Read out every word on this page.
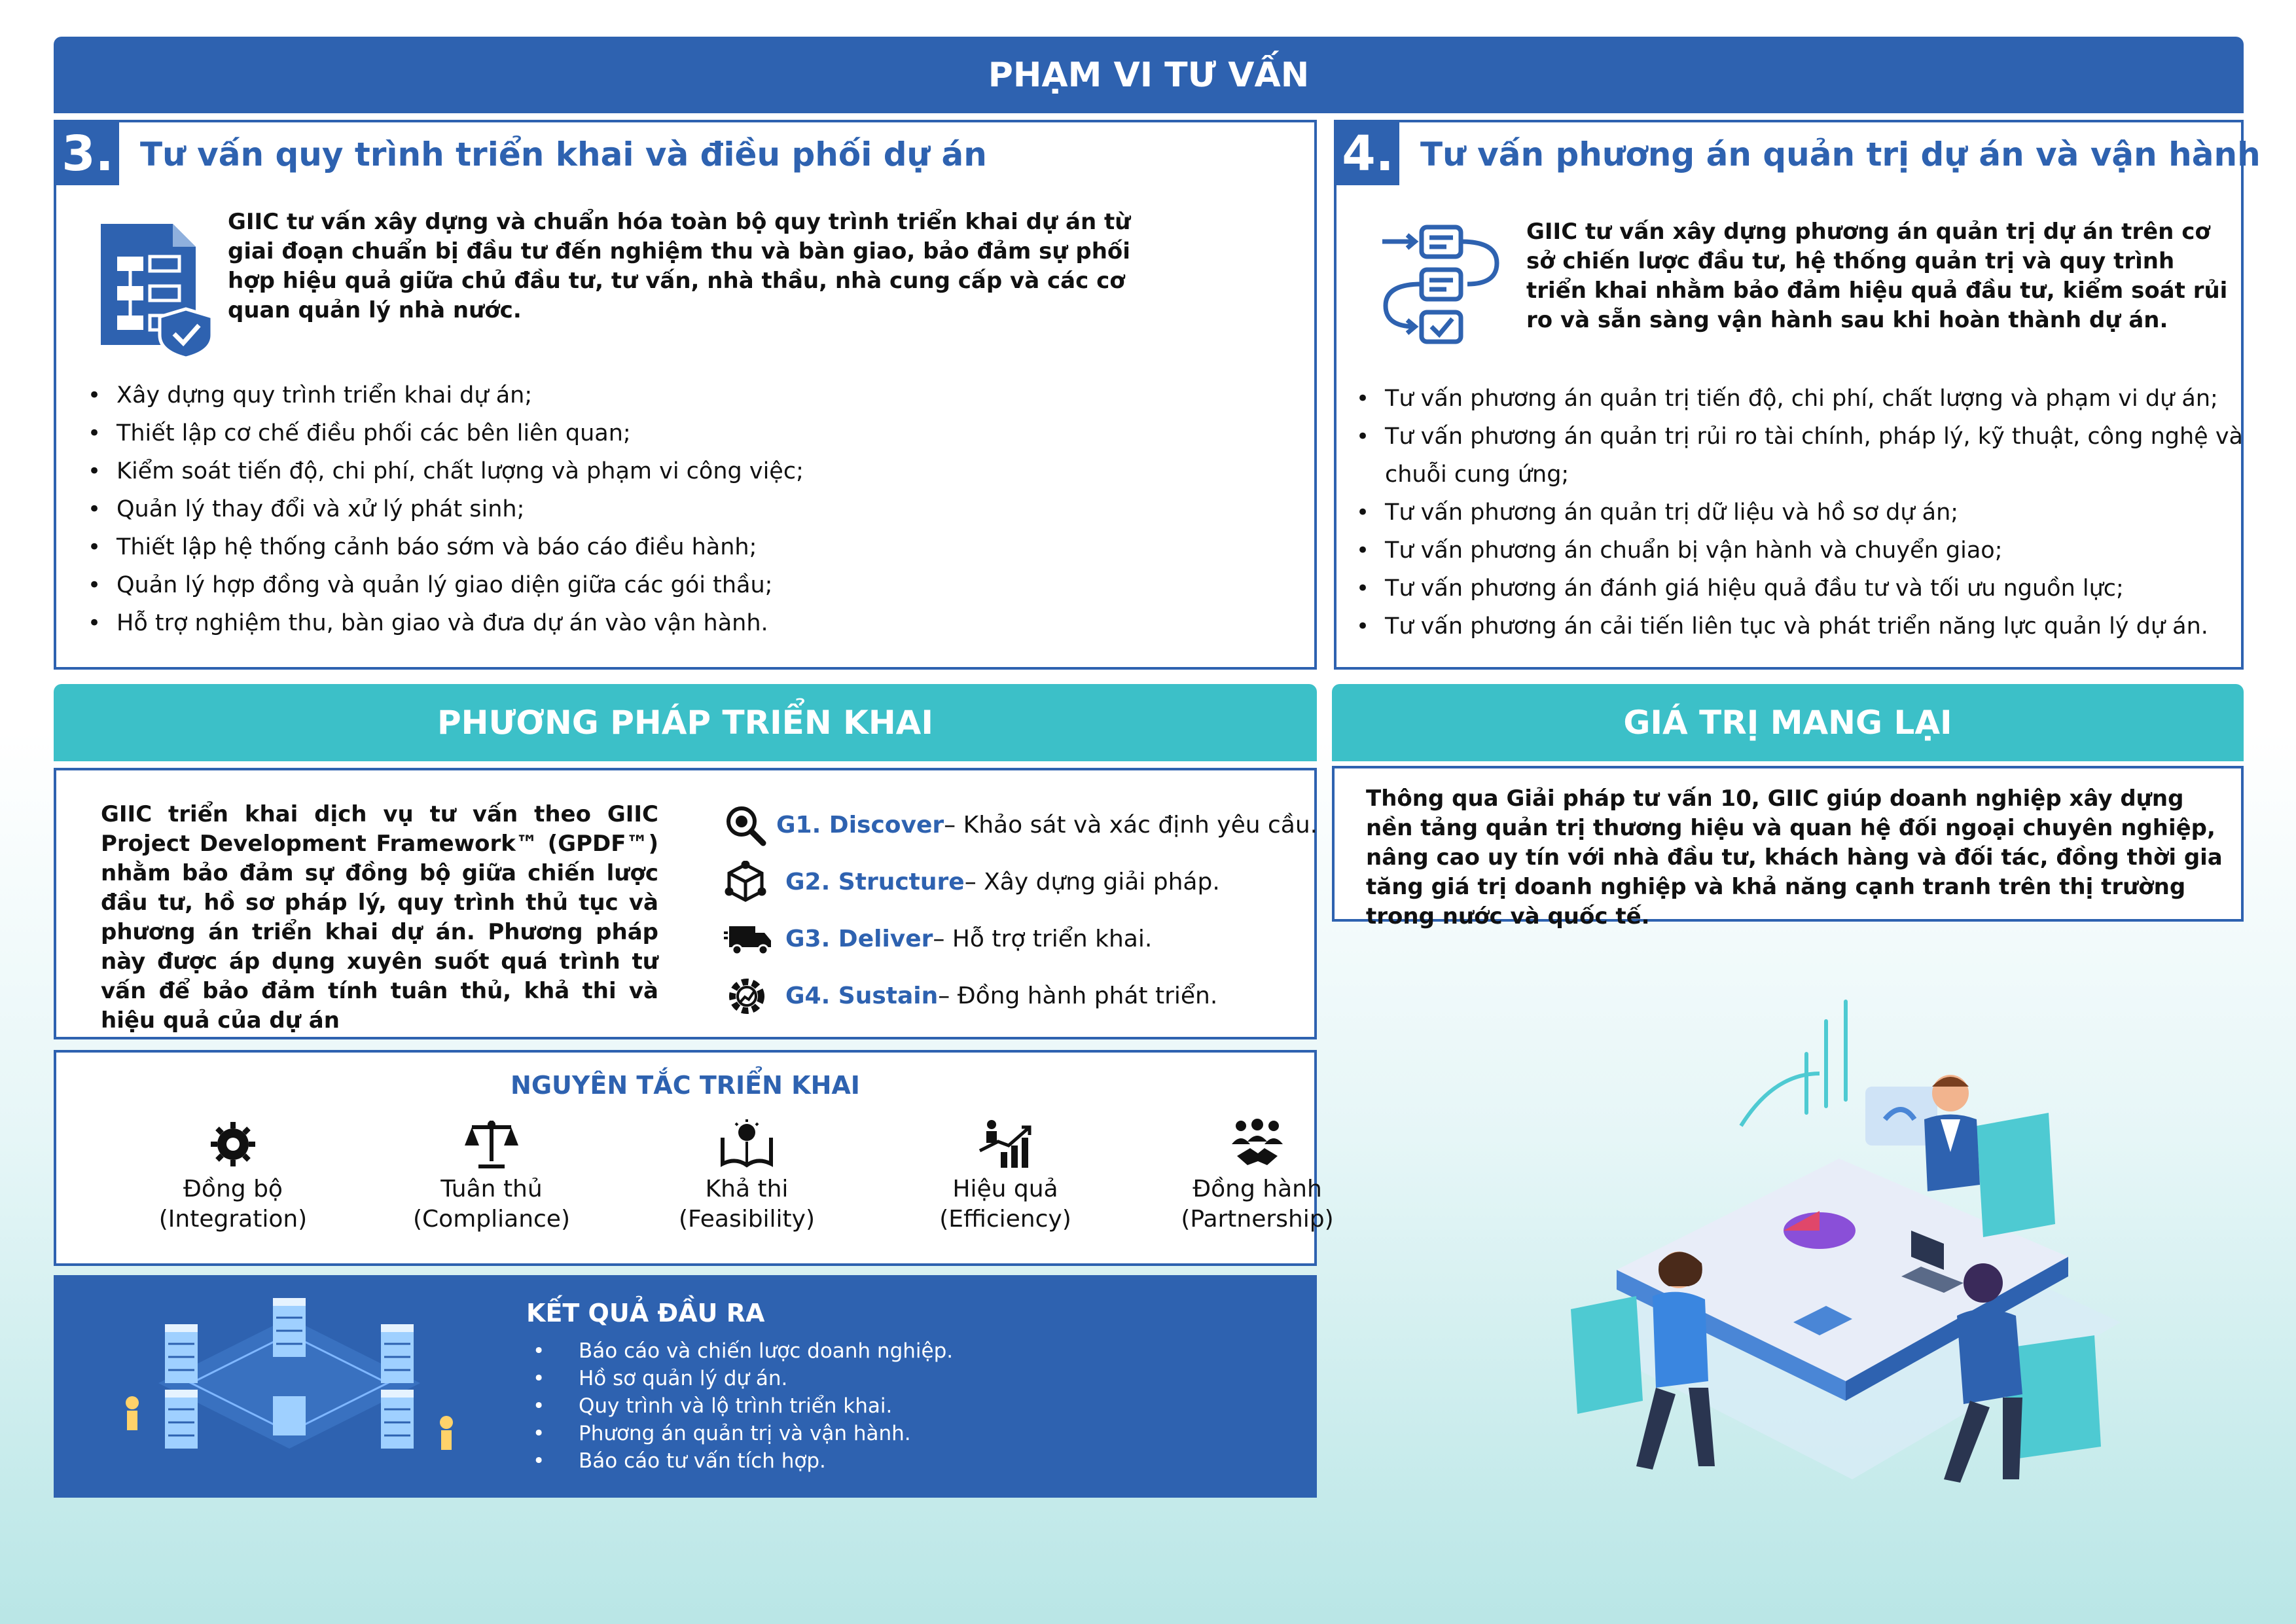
PHẠM VI TƯ VẤN
3. Tư vấn quy trình triển khai và điều phối dự án
GIIC tư vấn xây dựng và chuẩn hóa toàn bộ quy trình triển khai dự án từ giai đoạn chuẩn bị đầu tư đến nghiệm thu và bàn giao, bảo đảm sự phối hợp hiệu quả giữa chủ đầu tư, tư vấn, nhà thầu, nhà cung cấp và các cơ quan quản lý nhà nước.
• Xây dựng quy trình triển khai dự án;
• Thiết lập cơ chế điều phối các bên liên quan;
• Kiểm soát tiến độ, chi phí, chất lượng và phạm vi công việc;
• Quản lý thay đổi và xử lý phát sinh;
• Thiết lập hệ thống cảnh báo sớm và báo cáo điều hành;
• Quản lý hợp đồng và quản lý giao diện giữa các gói thầu;
• Hỗ trợ nghiệm thu, bàn giao và đưa dự án vào vận hành.
4. Tư vấn phương án quản trị dự án và vận hành
GIIC tư vấn xây dựng phương án quản trị dự án trên cơ sở chiến lược đầu tư, hệ thống quản trị và quy trình triển khai nhằm bảo đảm hiệu quả đầu tư, kiểm soát rủi ro và sẵn sàng vận hành sau khi hoàn thành dự án.
• Tư vấn phương án quản trị tiến độ, chi phí, chất lượng và phạm vi dự án;
• Tư vấn phương án quản trị rủi ro tài chính, pháp lý, kỹ thuật, công nghệ và chuỗi cung ứng;
• Tư vấn phương án quản trị dữ liệu và hồ sơ dự án;
• Tư vấn phương án chuẩn bị vận hành và chuyển giao;
• Tư vấn phương án đánh giá hiệu quả đầu tư và tối ưu nguồn lực;
• Tư vấn phương án cải tiến liên tục và phát triển năng lực quản lý dự án.
PHƯƠNG PHÁP TRIỂN KHAI
GIIC triển khai dịch vụ tư vấn theo GIIC Project Development Framework™ (GPDF™) nhằm bảo đảm sự đồng bộ giữa chiến lược đầu tư, hồ sơ pháp lý, quy trình thủ tục và phương án triển khai dự án. Phương pháp này được áp dụng xuyên suốt quá trình tư vấn để bảo đảm tính tuân thủ, khả thi và hiệu quả của dự án
G1. Discover – Khảo sát và xác định yêu cầu.
G2. Structure – Xây dựng giải pháp.
G3. Deliver – Hỗ trợ triển khai.
G4. Sustain – Đồng hành phát triển.
NGUYÊN TẮC TRIỂN KHAI
Đồng bộ
(Integration)
Tuân thủ
(Compliance)
Khả thi
(Feasibility)
Hiệu quả
(Efficiency)
Đồng hành
(Partnership)
KẾT QUẢ ĐẦU RA
• Báo cáo và chiến lược doanh nghiệp.
• Hồ sơ quản lý dự án.
• Quy trình và lộ trình triển khai.
• Phương án quản trị và vận hành.
• Báo cáo tư vấn tích hợp.
GIÁ TRỊ MANG LẠI
Thông qua Giải pháp tư vấn 10, GIIC giúp doanh nghiệp xây dựng nền tảng quản trị thương hiệu và quan hệ đối ngoại chuyên nghiệp, nâng cao uy tín với nhà đầu tư, khách hàng và đối tác, đồng thời gia tăng giá trị doanh nghiệp và khả năng cạnh tranh trên thị trường trong nước và quốc tế.
